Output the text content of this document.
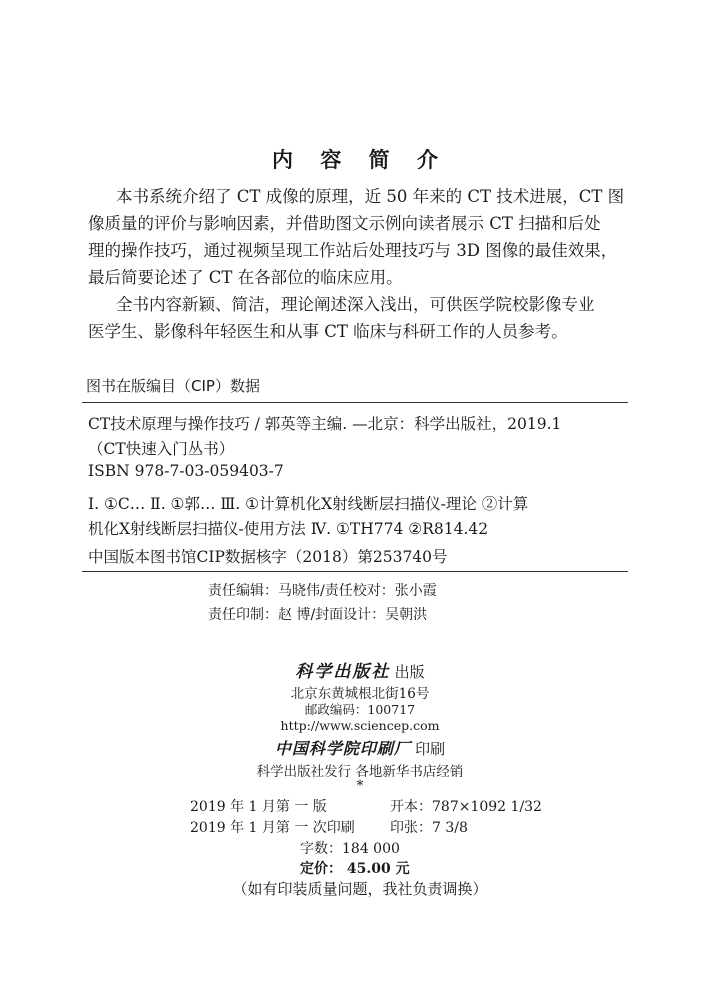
内 容 简 介

本书系统介绍了 CT 成像的原理，近 50 年来的 CT 技术进展，CT 图

像质量的评价与影响因素，并借助图文示例向读者展示 CT 扫描和后处

理的操作技巧，通过视频呈现工作站后处理技巧与 3D 图像的最佳效果，

最后简要论述了 CT 在各部位的临床应用。

全书内容新颖、简洁，理论阐述深入浅出，可供医学院校影像专业

医学生、影像科年轻医生和从事 CT 临床与科研工作的人员参考。

图书在版编目（CIP）数据
CT技术原理与操作技巧 / 郭英等主编. —北京：科学出版社，2019.1
（CT快速入门丛书）
ISBN 978-7-03-059403-7
Ⅰ. ①C… Ⅱ. ①郭… Ⅲ. ①计算机化X射线断层扫描仪-理论 ②计算
机化X射线断层扫描仪-使用方法 Ⅳ. ①TH774 ②R814.42
中国版本图书馆CIP数据核字（2018）第253740号
责任编辑：马晓伟/责任校对：张小霞
责任印制：赵 博/封面设计：吴朝洪
科学出版社 出版
北京东黄城根北街16号
邮政编码：100717
http://www.sciencep.com
中国科学院印刷厂 印刷
科学出版社发行 各地新华书店经销
*
2019 年 1 月第 一 版	开本：787×1092 1/32
2019 年 1 月第 一 次印刷	印张：7 3/8
字数：184 000
定价： 45.00 元
（如有印装质量问题，我社负责调换）
